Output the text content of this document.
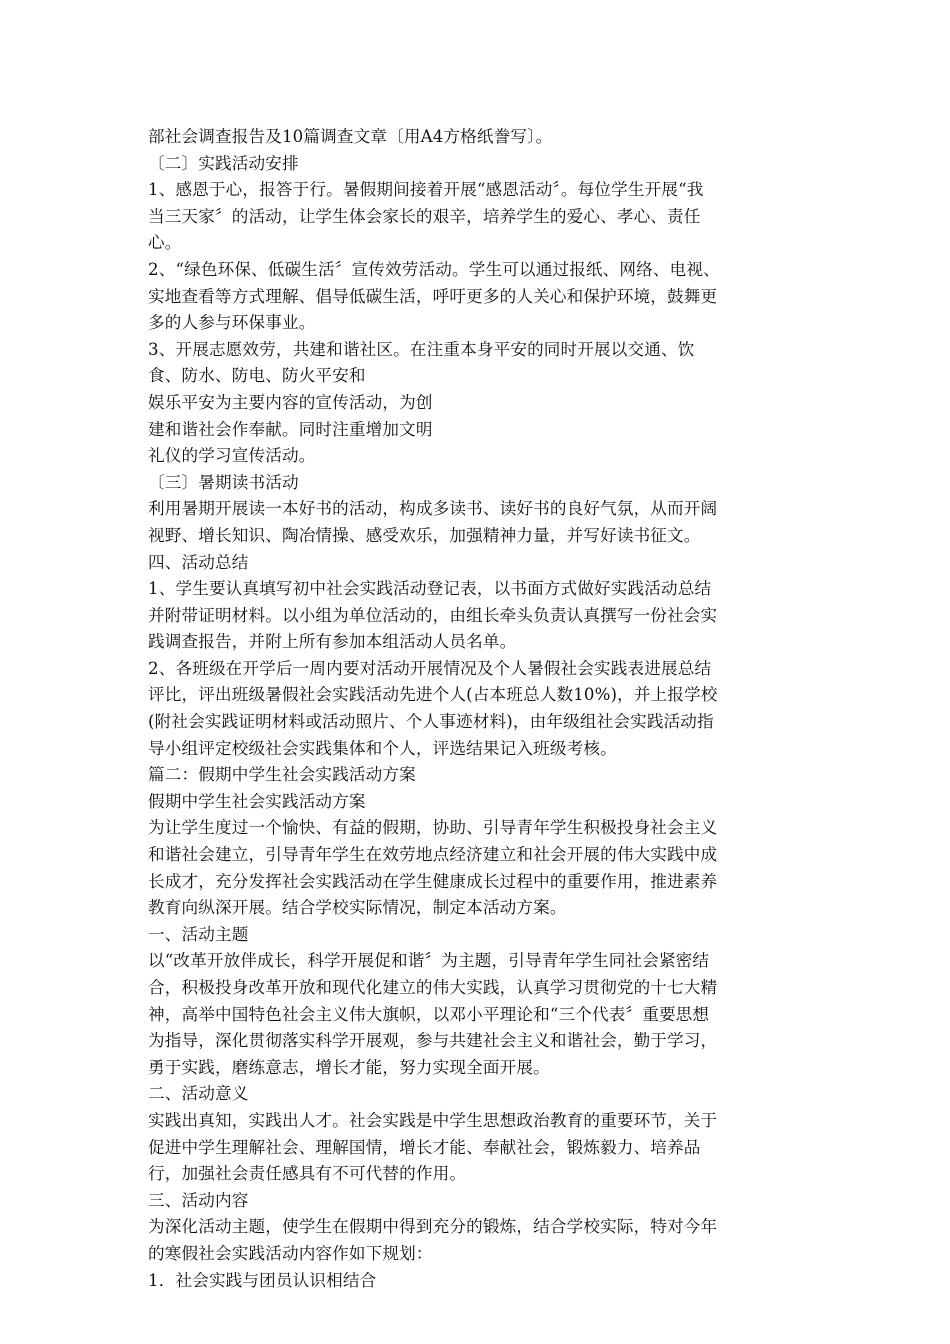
部社会调查报告及10篇调查文章〔用A4方格纸誊写〕。
〔二〕实践活动安排
1、感恩于心，报答于行。暑假期间接着开展“感恩活动〞。每位学生开展“我
当三天家〞的活动，让学生体会家长的艰辛，培养学生的爱心、孝心、责任
心。
2、“绿色环保、低碳生活〞宣传效劳活动。学生可以通过报纸、网络、电视、
实地查看等方式理解、倡导低碳生活，呼吁更多的人关心和保护环境，鼓舞更
多的人参与环保事业。
3、开展志愿效劳，共建和谐社区。在注重本身平安的同时开展以交通、饮
食、防水、防电、防火平安和
娱乐平安为主要内容的宣传活动，为创
建和谐社会作奉献。同时注重增加文明
礼仪的学习宣传活动。
〔三〕暑期读书活动
利用暑期开展读一本好书的活动，构成多读书、读好书的良好气氛，从而开阔
视野、增长知识、陶冶情操、感受欢乐，加强精神力量，并写好读书征文。
四、活动总结
1、学生要认真填写初中社会实践活动登记表，以书面方式做好实践活动总结
并附带证明材料。以小组为单位活动的，由组长牵头负责认真撰写一份社会实
践调查报告，并附上所有参加本组活动人员名单。
2、各班级在开学后一周内要对活动开展情况及个人暑假社会实践表进展总结
评比，评出班级暑假社会实践活动先进个人(占本班总人数10%)，并上报学校
(附社会实践证明材料或活动照片、个人事迹材料)，由年级组社会实践活动指
导小组评定校级社会实践集体和个人，评选结果记入班级考核。
篇二：假期中学生社会实践活动方案
假期中学生社会实践活动方案
为让学生度过一个愉快、有益的假期，协助、引导青年学生积极投身社会主义
和谐社会建立，引导青年学生在效劳地点经济建立和社会开展的伟大实践中成
长成才，充分发挥社会实践活动在学生健康成长过程中的重要作用，推进素养
教育向纵深开展。结合学校实际情况，制定本活动方案。
一、活动主题
以“改革开放伴成长，科学开展促和谐〞为主题，引导青年学生同社会紧密结
合，积极投身改革开放和现代化建立的伟大实践，认真学习贯彻党的十七大精
神，高举中国特色社会主义伟大旗帜，以邓小平理论和“三个代表〞重要思想
为指导，深化贯彻落实科学开展观，参与共建社会主义和谐社会，勤于学习，
勇于实践，磨练意志，增长才能，努力实现全面开展。
二、活动意义
实践出真知，实践出人才。社会实践是中学生思想政治教育的重要环节，关于
促进中学生理解社会、理解国情，增长才能、奉献社会，锻炼毅力、培养品
行，加强社会责任感具有不可代替的作用。
三、活动内容
为深化活动主题，使学生在假期中得到充分的锻炼，结合学校实际，特对今年
的寒假社会实践活动内容作如下规划：
1．社会实践与团员认识相结合
